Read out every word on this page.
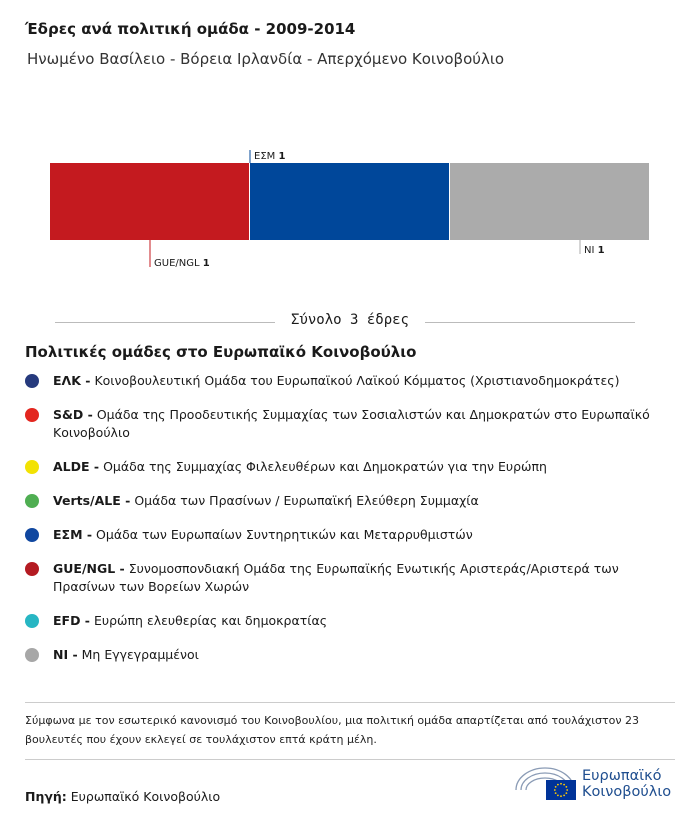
Έδρες ανά πολιτική ομάδα - 2009-2014
Ηνωμένο Βασίλειο - Βόρεια Ιρλανδία - Απερχόμενο Κοινοβούλιο
GUE/NGL 1
ΕΣΜ 1
NI 1
Σύνολο 3 έδρες
Πολιτικές ομάδες στο Ευρωπαϊκό Κοινοβούλιο
ΕΛΚ - Κοινοβουλευτική Ομάδα του Ευρωπαϊκού Λαϊκού Κόμματος (Χριστιανοδημοκράτες)
S&D - Ομάδα της Προοδευτικής Συμμαχίας των Σοσιαλιστών και Δημοκρατών στο Ευρωπαϊκό Κοινοβούλιο
ALDE - Ομάδα της Συμμαχίας Φιλελευθέρων και Δημοκρατών για την Ευρώπη
Verts/ALE - Ομάδα των Πρασίνων / Ευρωπαϊκή Ελεύθερη Συμμαχία
ΕΣΜ - Ομάδα των Ευρωπαίων Συντηρητικών και Μεταρρυθμιστών
GUE/NGL - Συνομοσπονδιακή Ομάδα της Ευρωπαϊκής Ενωτικής Αριστεράς/Αριστερά των Πρασίνων των Βορείων Χωρών
EFD - Ευρώπη ελευθερίας και δημοκρατίας
NI - Μη Εγγεγραμμένοι
Σύμφωνα με τον εσωτερικό κανονισμό του Κοινοβουλίου, μια πολιτική ομάδα απαρτίζεται από τουλάχιστον 23 βουλευτές που έχουν εκλεγεί σε τουλάχιστον επτά κράτη μέλη.
Πηγή: Ευρωπαϊκό Κοινοβούλιο
Ευρωπαϊκό
Κοινοβούλιο
